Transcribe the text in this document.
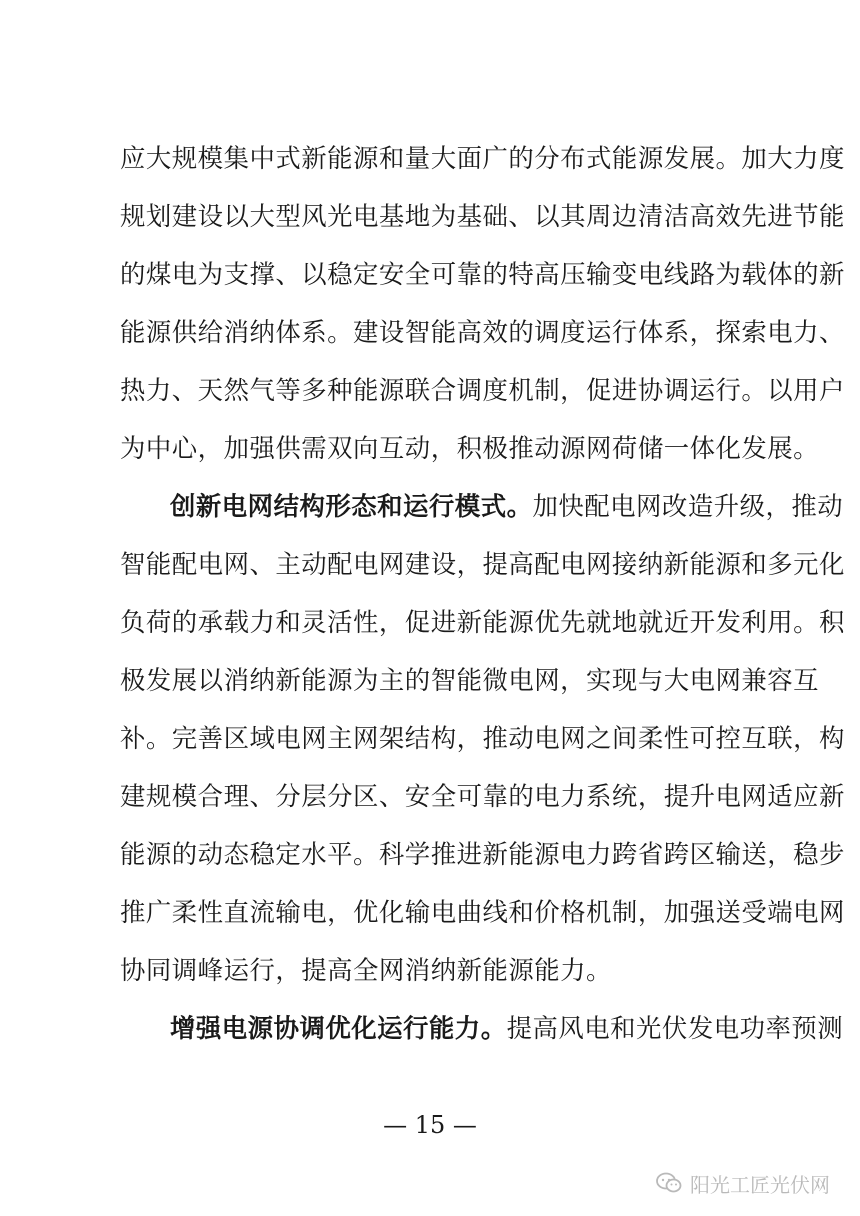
应大规模集中式新能源和量大面广的分布式能源发展。加大力度
规划建设以大型风光电基地为基础、以其周边清洁高效先进节能
的煤电为支撑、以稳定安全可靠的特高压输变电线路为载体的新
能源供给消纳体系。建设智能高效的调度运行体系，探索电力、
热力、天然气等多种能源联合调度机制，促进协调运行。以用户
为中心，加强供需双向互动，积极推动源网荷储一体化发展。
创新电网结构形态和运行模式。加快配电网改造升级，推动
智能配电网、主动配电网建设，提高配电网接纳新能源和多元化
负荷的承载力和灵活性，促进新能源优先就地就近开发利用。积
极发展以消纳新能源为主的智能微电网，实现与大电网兼容互
补。完善区域电网主网架结构，推动电网之间柔性可控互联，构
建规模合理、分层分区、安全可靠的电力系统，提升电网适应新
能源的动态稳定水平。科学推进新能源电力跨省跨区输送，稳步
推广柔性直流输电，优化输电曲线和价格机制，加强送受端电网
协同调峰运行，提高全网消纳新能源能力。
增强电源协调优化运行能力。提高风电和光伏发电功率预测
— 15 —
阳光工匠光伏网
